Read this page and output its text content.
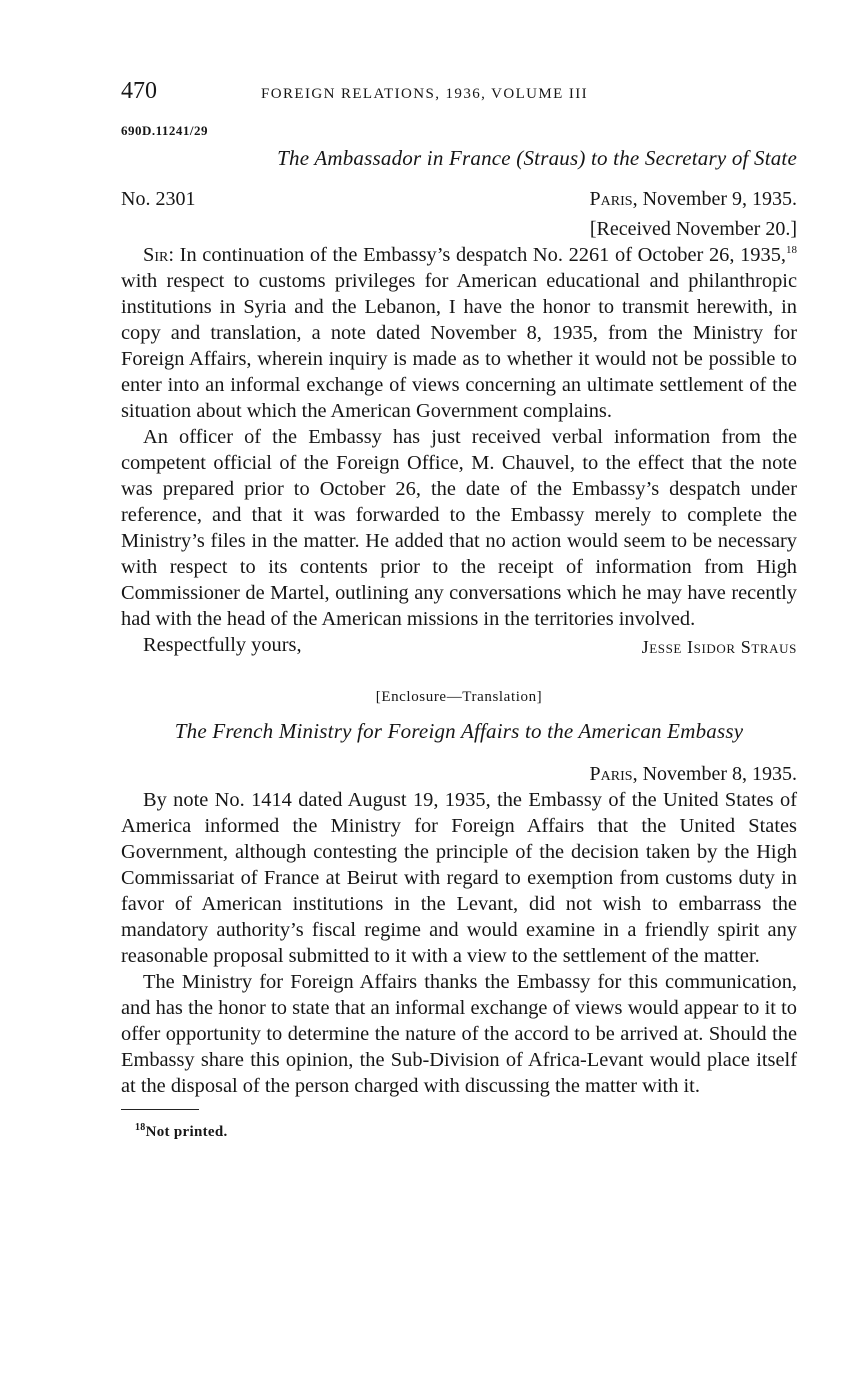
470	FOREIGN RELATIONS, 1936, VOLUME III
690D.11241/29
The Ambassador in France (Straus) to the Secretary of State
No. 2301	Paris, November 9, 1935.
[Received November 20.]

Sir: In continuation of the Embassy’s despatch No. 2261 of October 26, 1935,18 with respect to customs privileges for American educational and philanthropic institutions in Syria and the Lebanon, I have the honor to transmit herewith, in copy and translation, a note dated November 8, 1935, from the Ministry for Foreign Affairs, wherein inquiry is made as to whether it would not be possible to enter into an informal exchange of views concerning an ultimate settlement of the situation about which the American Government complains.

An officer of the Embassy has just received verbal information from the competent official of the Foreign Office, M. Chauvel, to the effect that the note was prepared prior to October 26, the date of the Embassy’s despatch under reference, and that it was forwarded to the Embassy merely to complete the Ministry’s files in the matter. He added that no action would seem to be necessary with respect to its contents prior to the receipt of information from High Commissioner de Martel, outlining any conversations which he may have recently had with the head of the American missions in the territories involved.

Respectfully yours,	Jesse Isidor Straus
[Enclosure—Translation]
The French Ministry for Foreign Affairs to the American Embassy
Paris, November 8, 1935.

By note No. 1414 dated August 19, 1935, the Embassy of the United States of America informed the Ministry for Foreign Affairs that the United States Government, although contesting the principle of the decision taken by the High Commissariat of France at Beirut with regard to exemption from customs duty in favor of American institutions in the Levant, did not wish to embarrass the mandatory authority’s fiscal regime and would examine in a friendly spirit any reasonable proposal submitted to it with a view to the settlement of the matter.

The Ministry for Foreign Affairs thanks the Embassy for this communication, and has the honor to state that an informal exchange of views would appear to it to offer opportunity to determine the nature of the accord to be arrived at. Should the Embassy share this opinion, the Sub-Division of Africa-Levant would place itself at the disposal of the person charged with discussing the matter with it.

$^{18}$Not printed.
